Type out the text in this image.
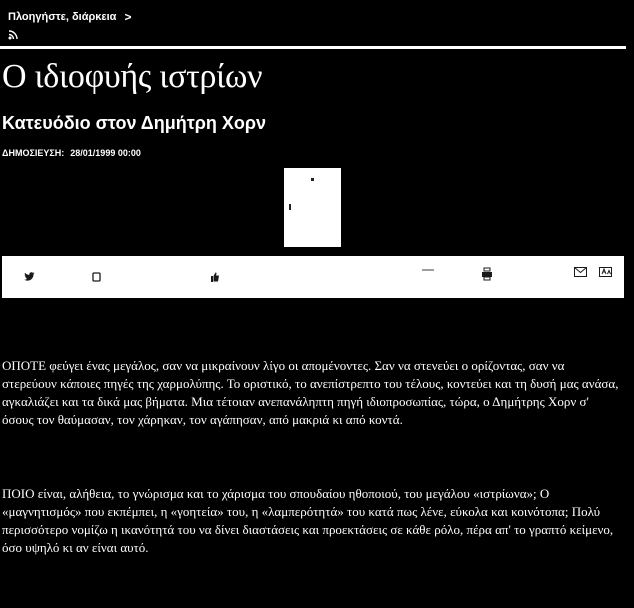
Πλοηγήστε, διάρκεια >
Ο ιδιοφυής ιστρίων
Κατευόδιο στον Δημήτρη Χορν
ΔΗΜΟΣΙΕΥΣΗ: 28/01/1999 00:00

ΟΠΟΤΕ φεύγει ένας μεγάλος, σαν να μικραίνουν λίγο οι απομένοντες. Σαν να στενεύει ο ορίζοντας, σαν να στερεύουν κάποιες πηγές της χαρμολύπης. Το οριστικό, το ανεπίστρεπτο του τέλους, κοντεύει και τη δυσή μας ανάσα, αγκαλιάζει και τα δικά μας βήματα. Μια τέτοιαν ανεπανάληπτη πηγή ιδιοπροσωπίας, τώρα, ο Δημήτρης Χορν σ' όσους τον θαύμασαν, τον χάρηκαν, τον αγάπησαν, από μακριά κι από κοντά.

ΠΟΙΟ είναι, αλήθεια, το γνώρισμα και το χάρισμα του σπουδαίου ηθοποιού, του μεγάλου «ιστρίωνα»; Ο «μαγνητισμός» που εκπέμπει, η «γοητεία» του, η «λαμπερότητά» του κατά πως λένε, εύκολα και κοινότοπα; Πολύ περισσότερο νομίζω η ικανότητά του να δίνει διαστάσεις και προεκτάσεις σε κάθε ρόλο, πέρα απ' το γραπτό κείμενο, όσο υψηλό κι αν είναι αυτό.
